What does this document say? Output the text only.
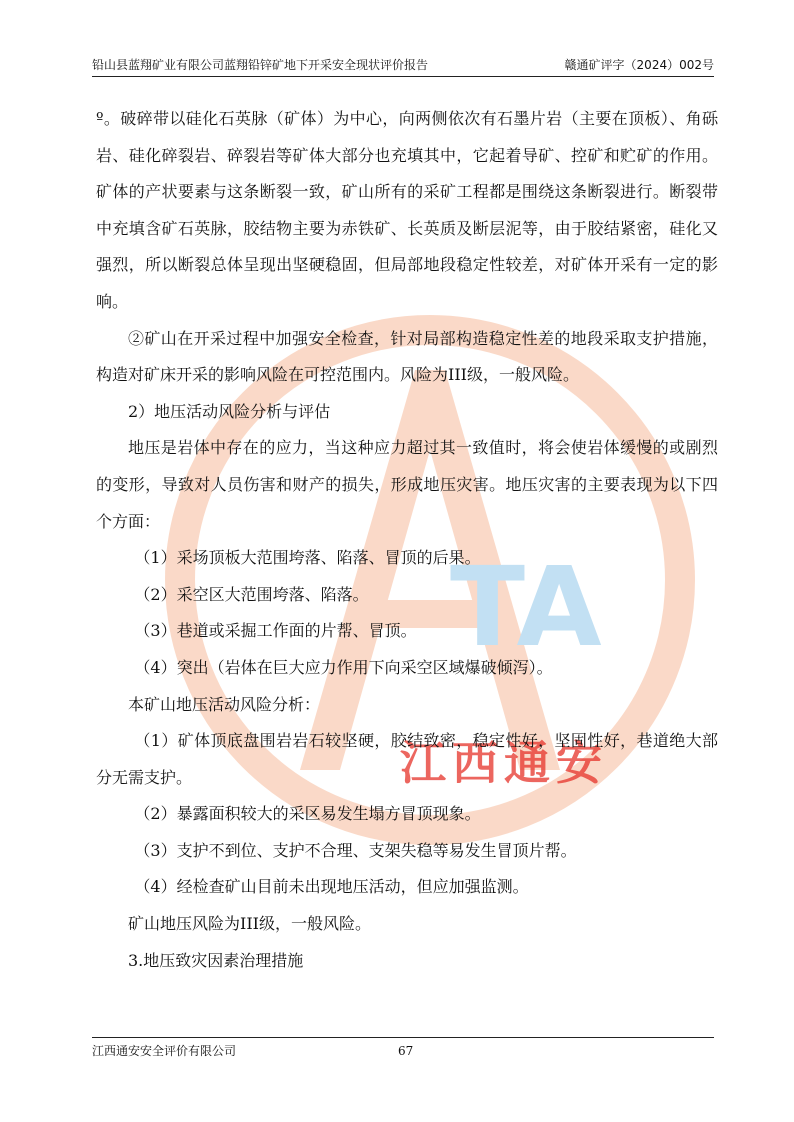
铅山县蓝翔矿业有限公司蓝翔铅锌矿地下开采安全现状评价报告	赣通矿评字（2024）002号
TA
江西通安

º。破碎带以硅化石英脉（矿体）为中心，向两侧依次有石墨片岩（主要在顶板）、角砾岩、硅化碎裂岩、碎裂岩等矿体大部分也充填其中，它起着导矿、控矿和贮矿的作用。矿体的产状要素与这条断裂一致，矿山所有的采矿工程都是围绕这条断裂进行。断裂带中充填含矿石英脉，胶结物主要为赤铁矿、长英质及断层泥等，由于胶结紧密，硅化又强烈，所以断裂总体呈现出坚硬稳固，但局部地段稳定性较差，对矿体开采有一定的影响。

②矿山在开采过程中加强安全检查，针对局部构造稳定性差的地段采取支护措施，构造对矿床开采的影响风险在可控范围内。风险为III级，一般风险。

2）地压活动风险分析与评估

地压是岩体中存在的应力，当这种应力超过其一致值时，将会使岩体缓慢的或剧烈的变形，导致对人员伤害和财产的损失，形成地压灾害。地压灾害的主要表现为以下四个方面：

（1）采场顶板大范围垮落、陷落、冒顶的后果。

（2）采空区大范围垮落、陷落。

（3）巷道或采掘工作面的片帮、冒顶。

（4）突出（岩体在巨大应力作用下向采空区域爆破倾泻）。

本矿山地压活动风险分析：

（1）矿体顶底盘围岩岩石较坚硬，胶结致密，稳定性好，坚固性好，巷道绝大部分无需支护。

（2）暴露面积较大的采区易发生塌方冒顶现象。

（3）支护不到位、支护不合理、支架失稳等易发生冒顶片帮。

（4）经检查矿山目前未出现地压活动，但应加强监测。

矿山地压风险为III级，一般风险。

3.地压致灾因素治理措施

江西通安安全评价有限公司	67
